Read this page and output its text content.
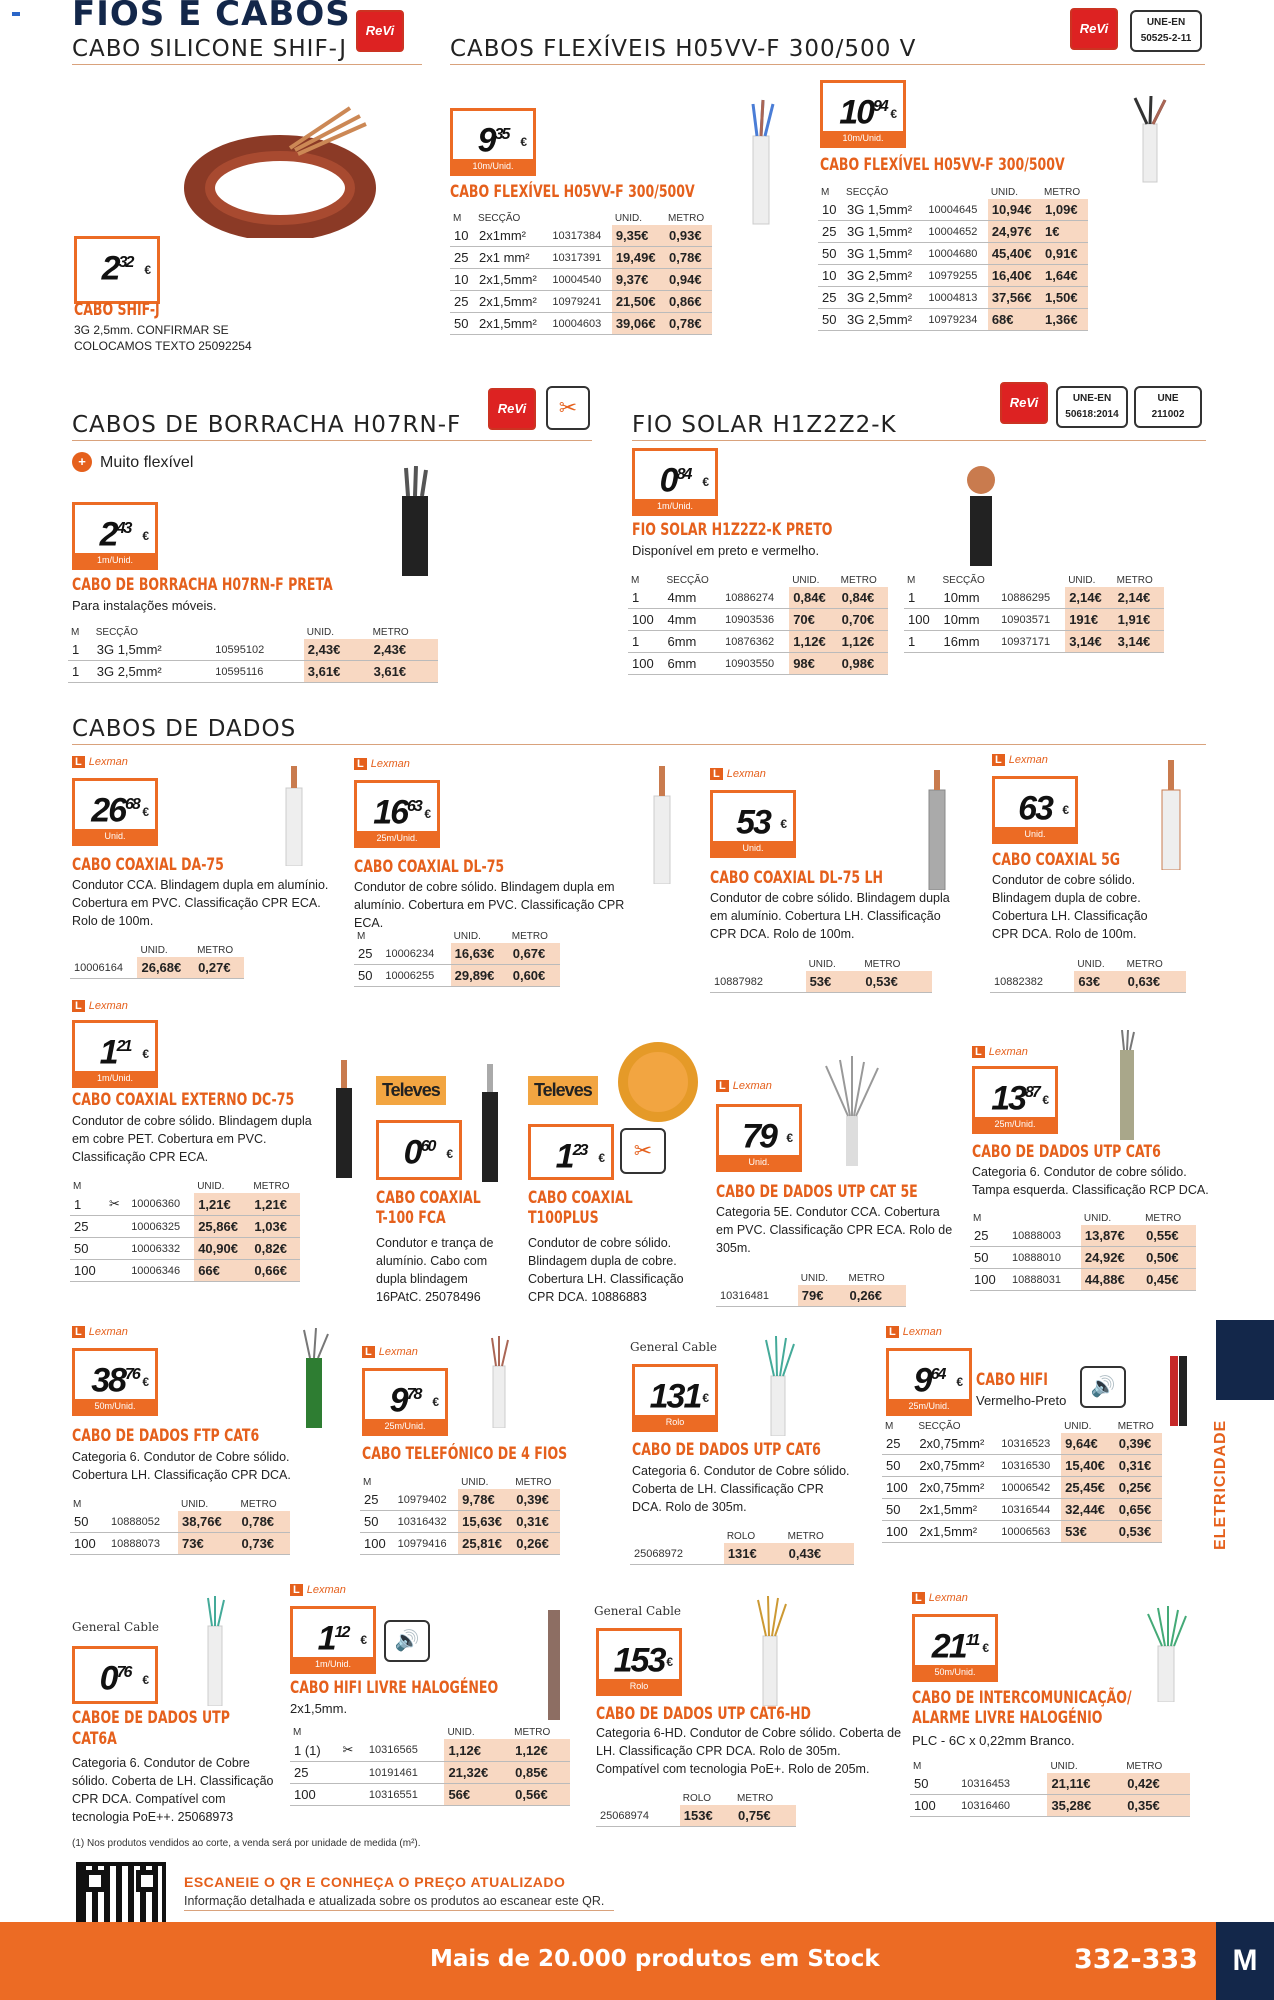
FIOS E CABOS	ReVi	ReVi	UNE-EN 50525-2-11
CABO SILICONE SHIF-J	CABOS FLEXÍVEIS H05VV-F 300/500 V
$2^{32}$ €
CABO SHIF-J
3G 2,5mm. CONFIRMAR SE COLOCAMOS TEXTO 25092254
$9^{35}$ €
10m/Unid.
CABO FLEXÍVEL H05VV-F 300/500V
M	SECÇÃO		UNID.	METRO
10	2x1mm²	10317384	9,35€	0,93€
25	2x1 mm²	10317391	19,49€	0,78€
10	2x1,5mm²	10004540	9,37€	0,94€
25	2x1,5mm²	10979241	21,50€	0,86€
50	2x1,5mm²	10004603	39,06€	0,78€
$10^{94}$ €
10m/Unid.
CABO FLEXÍVEL H05VV-F 300/500V
M	SECÇÃO		UNID.	METRO
10	3G 1,5mm²	10004645	10,94€	1,09€
25	3G 1,5mm²	10004652	24,97€	1€
50	3G 1,5mm²	10004680	45,40€	0,91€
10	3G 2,5mm²	10979255	16,40€	1,64€
25	3G 2,5mm²	10004813	37,56€	1,50€
50	3G 2,5mm²	10979234	68€	1,36€
CABOS DE BORRACHA H07RN-F
ReVi	✂
+ Muito flexível
$2^{43}$ €
1m/Unid.
CABO DE BORRACHA H07RN-F PRETA
Para instalações móveis.
M	SECÇÃO		UNID.	METRO
1	3G 1,5mm²	10595102	2,43€	2,43€
1	3G 2,5mm²	10595116	3,61€	3,61€
FIO SOLAR H1Z2Z2-K
ReVi	UNE-EN 50618:2014
UNE 211002
$0^{84}$ €
1m/Unid.
FIO SOLAR H1Z2Z2-K PRETO
Disponível em preto e vermelho.
M	SECÇÃO		UNID.	METRO
1	4mm	10886274	0,84€	0,84€
100	4mm	10903536	70€	0,70€
1	6mm	10876362	1,12€	1,12€
100	6mm	10903550	98€	0,98€
M	SECÇÃO		UNID.	METRO
1	10mm	10886295	2,14€	2,14€
100	10mm	10903571	191€	1,91€
1	16mm	10937171	3,14€	3,14€
CABOS DE DADOS
L Lexman
$26^{68}$ €
Unid.
CABO COAXIAL DA-75
Condutor CCA. Blindagem dupla em alumínio. Cobertura em PVC. Classificação CPR ECA. Rolo de 100m.
	UNID.	METRO
10006164	26,68€	0,27€
L Lexman
$16^{63}$ €
25m/Unid.
CABO COAXIAL DL-75
Condutor de cobre sólido. Blindagem dupla em alumínio. Cobertura em PVC. Classificação CPR ECA.
M		UNID.	METRO
25	10006234	16,63€	0,67€
50	10006255	29,89€	0,60€
L Lexman
53 €
Unid.
CABO COAXIAL DL-75 LH
Condutor de cobre sólido. Blindagem dupla em alumínio. Cobertura LH. Classificação CPR DCA. Rolo de 100m.
	UNID.	METRO
10887982	53€	0,53€
L Lexman
63 €
Unid.
CABO COAXIAL 5G
Condutor de cobre sólido. Blindagem dupla de cobre. Cobertura LH. Classificação CPR DCA. Rolo de 100m.
	UNID.	METRO
10882382	63€	0,63€
L Lexman
$1^{21}$ €
1m/Unid.
CABO COAXIAL EXTERNO DC-75
Condutor de cobre sólido. Blindagem dupla em cobre PET. Cobertura em PVC. Classificação CPR ECA.
M			UNID.	METRO
1	✂	10006360	1,21€	1,21€
25		10006325	25,86€	1,03€
50		10006332	40,90€	0,82€
100		10006346	66€	0,66€
Televes
$0^{60}$ €
CABO COAXIAL T-100 FCA
Condutor e trança de alumínio. Cabo com dupla blindagem 16PAtC. 25078496
Televes
$1^{23}$ €	✂
CABO COAXIAL T100PLUS
Condutor de cobre sólido. Blindagem dupla de cobre. Cobertura LH. Classificação CPR DCA. 10886883
L Lexman
79 €
Unid.
CABO DE DADOS UTP CAT 5E
Categoria 5E. Condutor CCA. Cobertura em PVC. Classificação CPR ECA. Rolo de 305m.
	UNID.	METRO
10316481	79€	0,26€
L Lexman
$13^{87}$ €
25m/Unid.
CABO DE DADOS UTP CAT6
Categoria 6. Condutor de cobre sólido. Tampa esquerda. Classificação RCP DCA.
M		UNID.	METRO
25	10888003	13,87€	0,55€
50	10888010	24,92€	0,50€
100	10888031	44,88€	0,45€
L Lexman
$38^{76}$ €
50m/Unid.
CABO DE DADOS FTP CAT6
Categoria 6. Condutor de Cobre sólido. Cobertura LH. Classificação CPR DCA.
M		UNID.	METRO
50	10888052	38,76€	0,78€
100	10888073	73€	0,73€
L Lexman
$9^{78}$ €
25m/Unid.
CABO TELEFÓNICO DE 4 FIOS
M		UNID.	METRO
25	10979402	9,78€	0,39€
50	10316432	15,63€	0,31€
100	10979416	25,81€	0,26€
General Cable
131 €
Rolo
CABO DE DADOS UTP CAT6
Categoria 6. Condutor de Cobre sólido. Coberta de LH. Classificação CPR DCA. Rolo de 305m.
	ROLO	METRO
25068972	131€	0,43€
L Lexman
$9^{64}$ €
25m/Unid.
CABO HIFI
Vermelho-Preto
🔊
M	SECÇÃO		UNID.	METRO
25	2x0,75mm²	10316523	9,64€	0,39€
50	2x0,75mm²	10316530	15,40€	0,31€
100	2x0,75mm²	10006542	25,45€	0,25€
50	2x1,5mm²	10316544	32,44€	0,65€
100	2x1,5mm²	10006563	53€	0,53€
General Cable
$0^{76}$ €
CABOE DE DADOS UTP CAT6A
Categoria 6. Condutor de Cobre sólido. Coberta de LH. Classificação CPR DCA. Compatível com tecnologia PoE++. 25068973
L Lexman
$1^{12}$ €
1m/Unid.
🔊
CABO HIFI LIVRE HALOGÉNEO
2x1,5mm.
M			UNID.	METRO
1 (1)	✂	10316565	1,12€	1,12€
25		10191461	21,32€	0,85€
100		10316551	56€	0,56€
General Cable
153 €
Rolo
CABO DE DADOS UTP CAT6-HD
Categoria 6-HD. Condutor de Cobre sólido. Coberta de LH. Classificação CPR DCA. Rolo de 305m. Compatível com tecnologia PoE+. Rolo de 205m.
	ROLO	METRO
25068974	153€	0,75€
L Lexman
$21^{11}$ €
50m/Unid.
CABO DE INTERCOMUNICAÇÃO/ ALARME LIVRE HALOGÉNIO
PLC - 6C x 0,22mm Branco.
M		UNID.	METRO
50	10316453	21,11€	0,42€
100	10316460	35,28€	0,35€
(1) Nos produtos vendidos ao corte, a venda será por unidade de medida (m²).
ESCANEIE O QR E CONHEÇA O PREÇO ATUALIZADO
Informação detalhada e atualizada sobre os produtos ao escanear este QR.
ELETRICIDADE
Mais de 20.000 produtos em Stock	332-333	M
